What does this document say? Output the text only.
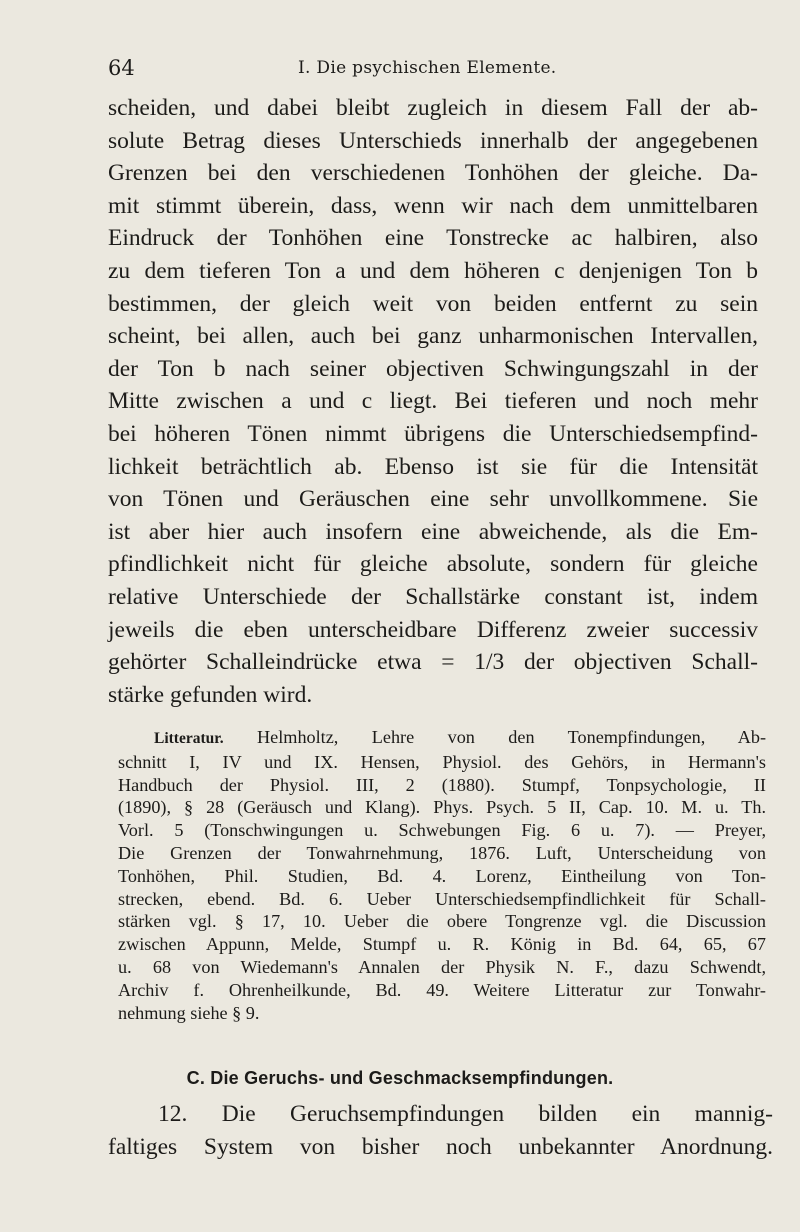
64	I. Die psychischen Elemente.
scheiden, und dabei bleibt zugleich in diesem Fall der ab-
solute Betrag dieses Unterschieds innerhalb der angegebenen
Grenzen bei den verschiedenen Tonhöhen der gleiche. Da-
mit stimmt überein, dass, wenn wir nach dem unmittelbaren
Eindruck der Tonhöhen eine Tonstrecke ac halbiren, also
zu dem tieferen Ton a und dem höheren c denjenigen Ton b
bestimmen, der gleich weit von beiden entfernt zu sein
scheint, bei allen, auch bei ganz unharmonischen Intervallen,
der Ton b nach seiner objectiven Schwingungszahl in der
Mitte zwischen a und c liegt. Bei tieferen und noch mehr
bei höheren Tönen nimmt übrigens die Unterschiedsempfind-
lichkeit beträchtlich ab. Ebenso ist sie für die Intensität
von Tönen und Geräuschen eine sehr unvollkommene. Sie
ist aber hier auch insofern eine abweichende, als die Em-
pfindlichkeit nicht für gleiche absolute, sondern für gleiche
relative Unterschiede der Schallstärke constant ist, indem
jeweils die eben unterscheidbare Differenz zweier successiv
gehörter Schalleindrücke etwa = 1/3 der objectiven Schall-
stärke gefunden wird.
Litteratur. Helmholtz, Lehre von den Tonempfindungen, Ab-
schnitt I, IV und IX. Hensen, Physiol. des Gehörs, in Hermann's
Handbuch der Physiol. III, 2 (1880). Stumpf, Tonpsychologie, II
(1890), § 28 (Geräusch und Klang). Phys. Psych. 5 II, Cap. 10. M. u. Th.
Vorl. 5 (Tonschwingungen u. Schwebungen Fig. 6 u. 7). — Preyer,
Die Grenzen der Tonwahrnehmung, 1876. Luft, Unterscheidung von
Tonhöhen, Phil. Studien, Bd. 4. Lorenz, Eintheilung von Ton-
strecken, ebend. Bd. 6. Ueber Unterschiedsempfindlichkeit für Schall-
stärken vgl. § 17, 10. Ueber die obere Tongrenze vgl. die Discussion
zwischen Appunn, Melde, Stumpf u. R. König in Bd. 64, 65, 67
u. 68 von Wiedemann's Annalen der Physik N. F., dazu Schwendt,
Archiv f. Ohrenheilkunde, Bd. 49. Weitere Litteratur zur Tonwahr-
nehmung siehe § 9.
C. Die Geruchs- und Geschmacksempfindungen.
12. Die Geruchsempfindungen bilden ein mannig-
faltiges System von bisher noch unbekannter Anordnung.
